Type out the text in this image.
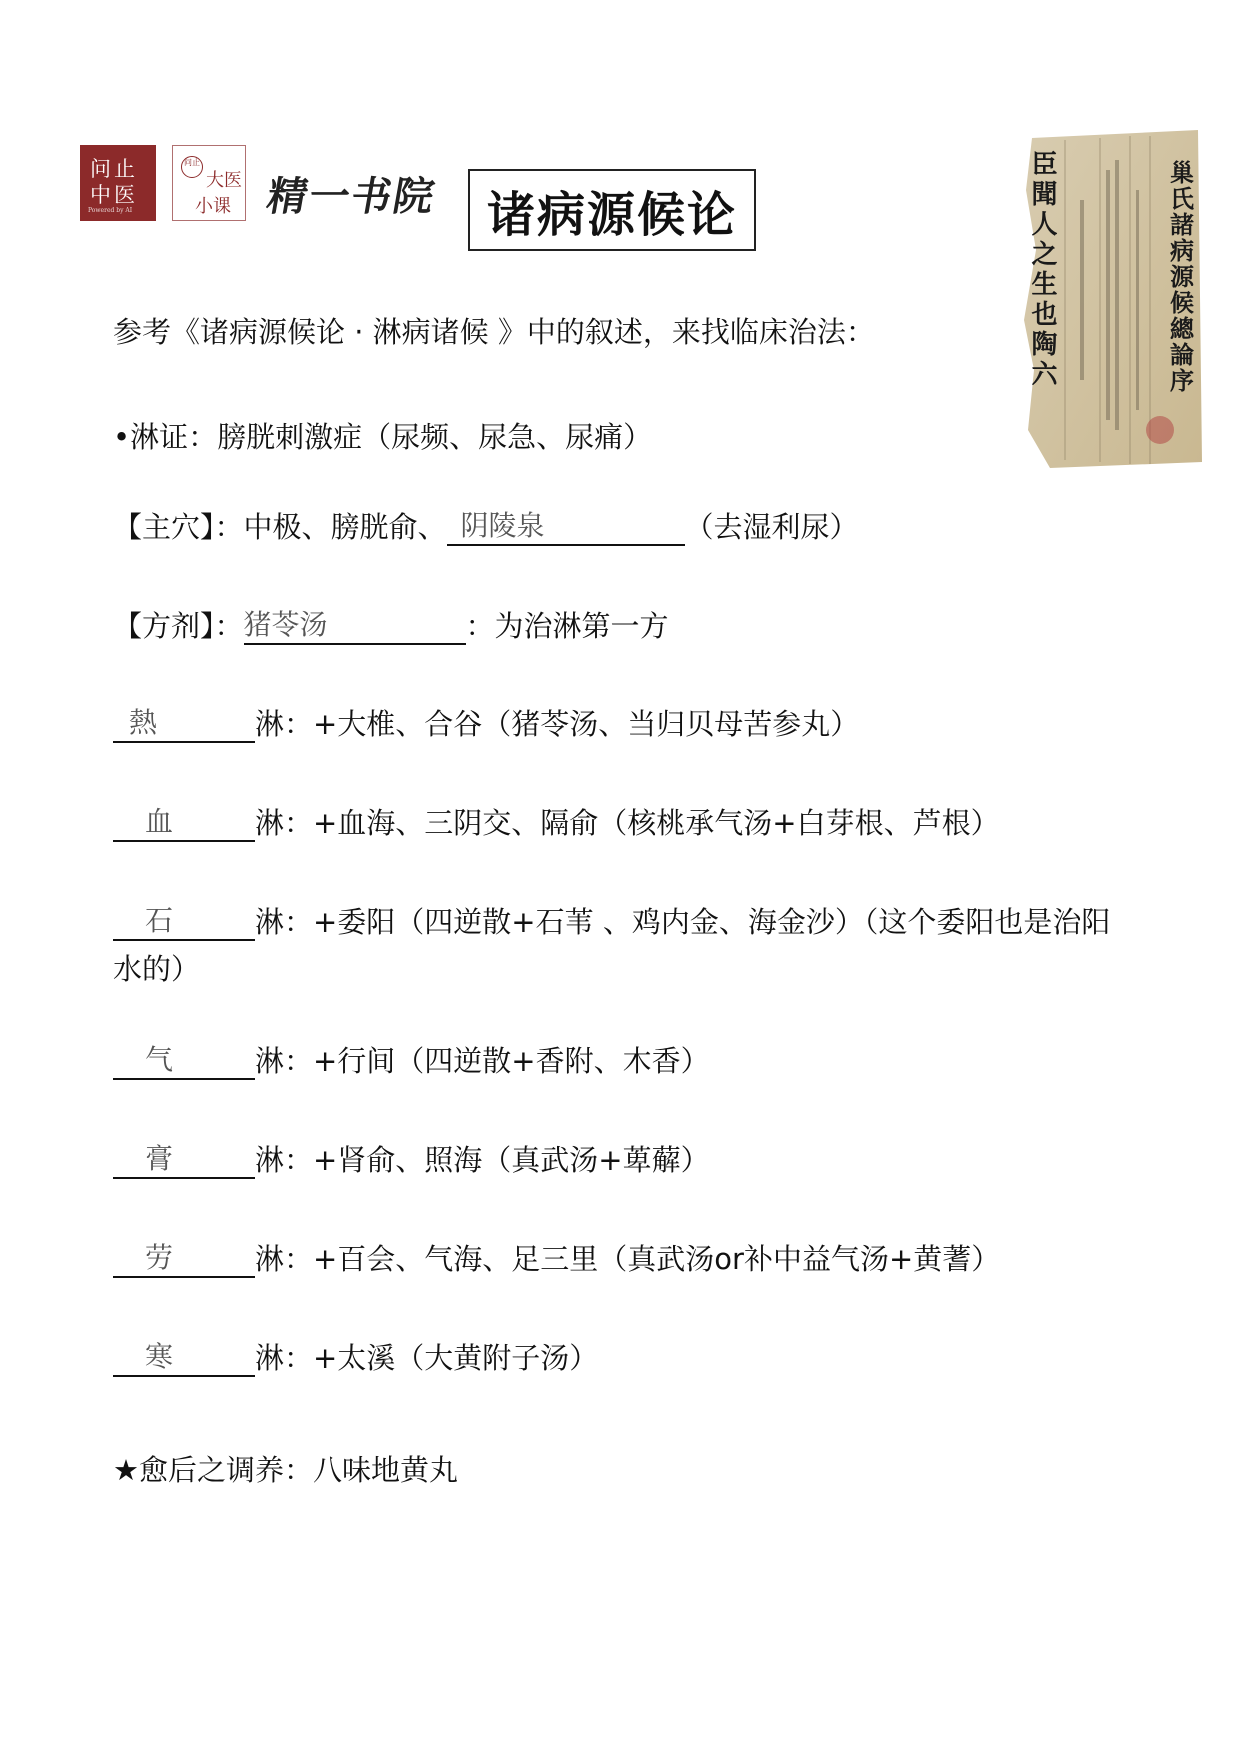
问止
中医
Powered by AI
问止
大医
小课 精一书院 诸病源候论	巢氏諸病源候總論序
臣聞人之生也陶六
参考《诸病源候论 · 淋病诸候 》中的叙述，来找临床治法：
•淋证：膀胱刺激症（尿频、尿急、尿痛）
【主穴】：中极、膀胱俞、 阴陵泉	（去湿利尿）
【方剂】： 猪苓汤	：为治淋第一方
熱	淋：+大椎、合谷（猪苓汤、当归贝母苦参丸）
血	淋：+血海、三阴交、隔俞（核桃承气汤+白芽根、芦根）
石	淋：+委阳（四逆散+石苇 、鸡内金、海金沙）（这个委阳也是治阳
水的）
气	淋：+行间（四逆散+香附、木香）
膏	淋：+肾俞、照海（真武汤+萆薢）
劳	淋：+百会、气海、足三里（真武汤or补中益气汤+黄蓍）
寒	淋：+太溪（大黄附子汤）
★愈后之调养：八味地黄丸
